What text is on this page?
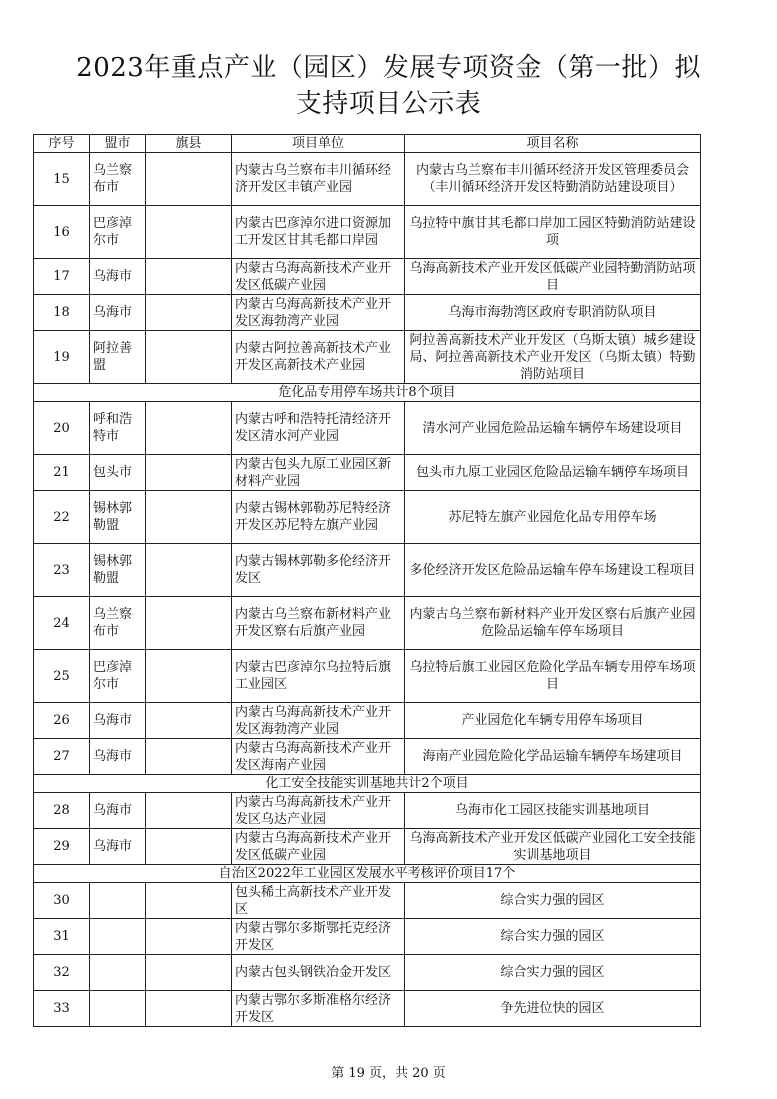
2023年重点产业（园区）发展专项资金（第一批）拟
支持项目公示表
序号	盟市	旗县	项目单位	项目名称
15	乌兰察布市		内蒙古乌兰察布丰川循环经济开发区丰镇产业园	内蒙古乌兰察布丰川循环经济开发区管理委员会（丰川循环经济开发区特勤消防站建设项目）
16	巴彦淖尔市		内蒙古巴彦淖尔进口资源加工开发区甘其毛都口岸园	乌拉特中旗甘其毛都口岸加工园区特勤消防站建设项
17	乌海市		内蒙古乌海高新技术产业开发区低碳产业园	乌海高新技术产业开发区低碳产业园特勤消防站项目
18	乌海市		内蒙古乌海高新技术产业开发区海勃湾产业园	乌海市海勃湾区政府专职消防队项目
19	阿拉善盟		内蒙古阿拉善高新技术产业开发区高新技术产业园	阿拉善高新技术产业开发区（乌斯太镇）城乡建设局、阿拉善高新技术产业开发区（乌斯太镇）特勤消防站项目
危化品专用停车场共计8个项目				
20	呼和浩特市		内蒙古呼和浩特托清经济开发区清水河产业园	清水河产业园危险品运输车辆停车场建设项目
21	包头市		内蒙古包头九原工业园区新材料产业园	包头市九原工业园区危险品运输车辆停车场项目
22	锡林郭勒盟		内蒙古锡林郭勒苏尼特经济开发区苏尼特左旗产业园	苏尼特左旗产业园危化品专用停车场
23	锡林郭勒盟		内蒙古锡林郭勒多伦经济开发区	多伦经济开发区危险品运输车停车场建设工程项目
24	乌兰察布市		内蒙古乌兰察布新材料产业开发区察右后旗产业园	内蒙古乌兰察布新材料产业开发区察右后旗产业园危险品运输车停车场项目
25	巴彦淖尔市		内蒙古巴彦淖尔乌拉特后旗工业园区	乌拉特后旗工业园区危险化学品车辆专用停车场项目
26	乌海市		内蒙古乌海高新技术产业开发区海勃湾产业园	产业园危化车辆专用停车场项目
27	乌海市		内蒙古乌海高新技术产业开发区海南产业园	海南产业园危险化学品运输车辆停车场建项目
化工安全技能实训基地共计2个项目				
28	乌海市		内蒙古乌海高新技术产业开发区乌达产业园	乌海市化工园区技能实训基地项目
29	乌海市		内蒙古乌海高新技术产业开发区低碳产业园	乌海高新技术产业开发区低碳产业园化工安全技能实训基地项目
自治区2022年工业园区发展水平考核评价项目17个				
30			包头稀土高新技术产业开发区	综合实力强的园区
31			内蒙古鄂尔多斯鄂托克经济开发区	综合实力强的园区
32			内蒙古包头钢铁冶金开发区	综合实力强的园区
33			内蒙古鄂尔多斯准格尔经济开发区	争先进位快的园区
第 19 页，共 20 页
